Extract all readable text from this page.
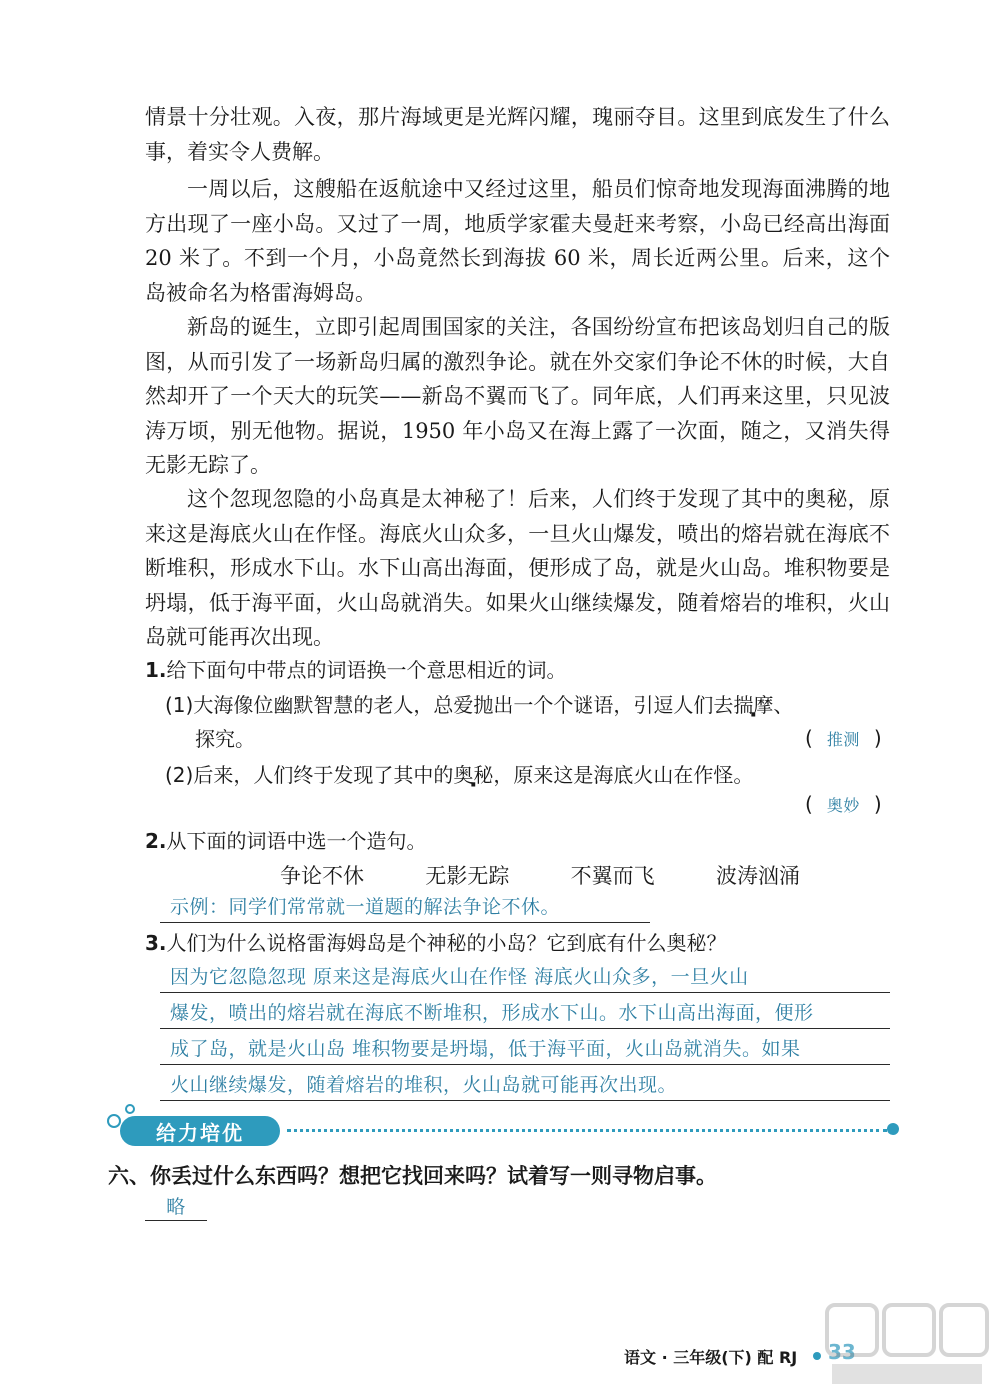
情景十分壮观。入夜，那片海域更是光辉闪耀，瑰丽夺目。这里到底发生了什么事，着实令人费解。
一周以后，这艘船在返航途中又经过这里，船员们惊奇地发现海面沸腾的地方出现了一座小岛。又过了一周，地质学家霍夫曼赶来考察，小岛已经高出海面 20 米了。不到一个月，小岛竟然长到海拔 60 米，周长近两公里。后来，这个岛被命名为格雷海姆岛。
新岛的诞生，立即引起周围国家的关注，各国纷纷宣布把该岛划归自己的版图，从而引发了一场新岛归属的激烈争论。就在外交家们争论不休的时候，大自然却开了一个天大的玩笑——新岛不翼而飞了。同年底，人们再来这里，只见波涛万顷，别无他物。据说，1950 年小岛又在海上露了一次面，随之，又消失得无影无踪了。
这个忽现忽隐的小岛真是太神秘了！后来，人们终于发现了其中的奥秘，原来这是海底火山在作怪。海底火山众多，一旦火山爆发，喷出的熔岩就在海底不断堆积，形成水下山。水下山高出海面，便形成了岛，就是火山岛。堆积物要是坍塌，低于海平面，火山岛就消失。如果火山继续爆发，随着熔岩的堆积，火山岛就可能再次出现。
1.给下面句中带点的词语换一个意思相近的词。
(1)大海像位幽默智慧的老人，总爱抛出一个个谜语，引逗人们去揣摩、
探究。	( 推测 )
(2)后来，人们终于发现了其中的奥秘，原来这是海底火山在作怪。
( 奥妙 )
2.从下面的词语中选一个造句。
争论不休	无影无踪	不翼而飞	波涛汹涌
示例：同学们常常就一道题的解法争论不休。
3.人们为什么说格雷海姆岛是个神秘的小岛？它到底有什么奥秘？
因为它忽隐忽现 原来这是海底火山在作怪 海底火山众多，一旦火山
爆发，喷出的熔岩就在海底不断堆积，形成水下山。水下山高出海面，便形
成了岛，就是火山岛 堆积物要是坍塌，低于海平面，火山岛就消失。如果
火山继续爆发，随着熔岩的堆积，火山岛就可能再次出现。
给力培优
六、你丢过什么东西吗？想把它找回来吗？试着写一则寻物启事。
略
语文 · 三年级(下) 配 RJ 33
